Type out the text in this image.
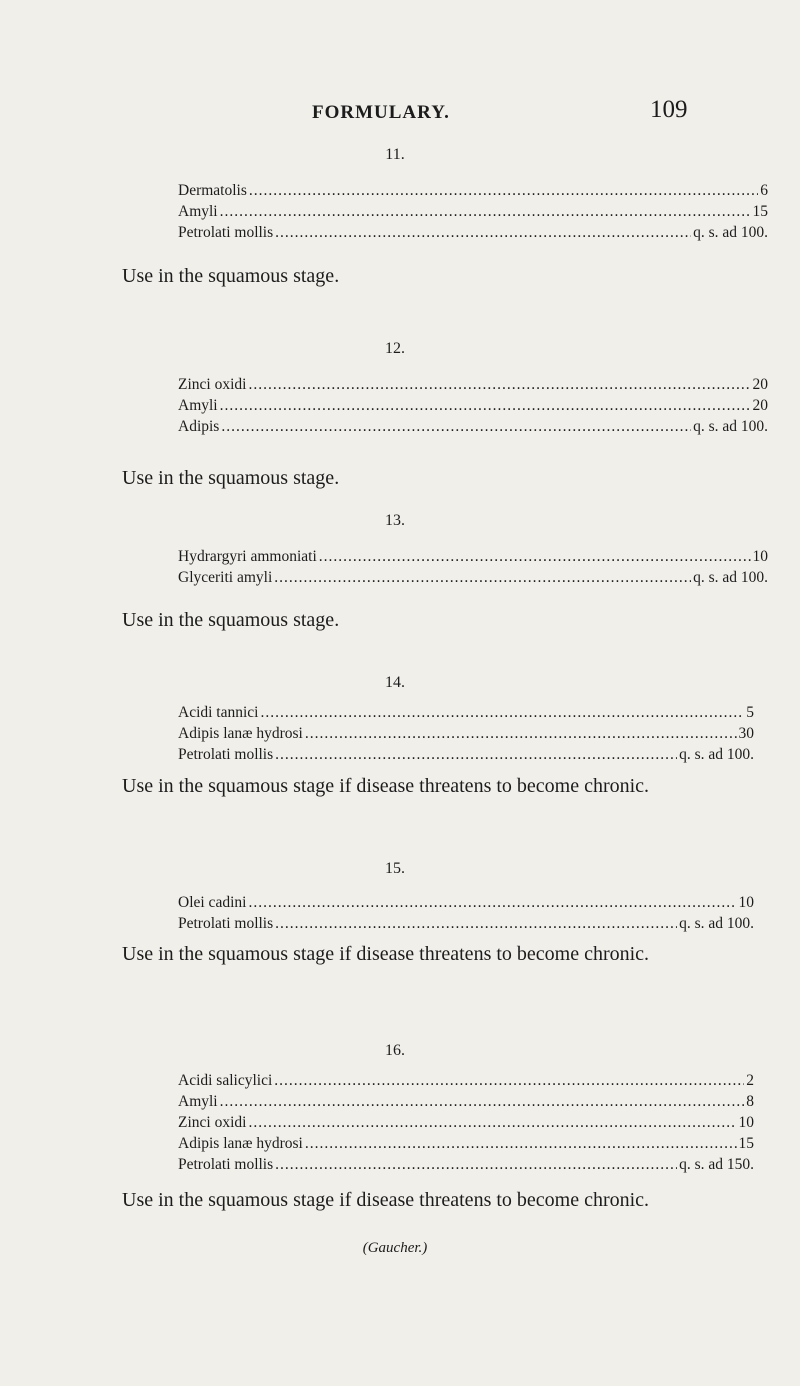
FORMULARY.	109
11.
Dermatolis .....	6
Amyli .....	15
Petrolati mollis .....	q. s. ad 100.
Use in the squamous stage.
12.
Zinci oxidi .....	20
Amyli .....	20
Adipis .....	q. s. ad 100.
Use in the squamous stage.
13.
Hydrargyri ammoniati .....	10
Glyceriti amyli .....	q. s. ad 100.
Use in the squamous stage.
14.
Acidi tannici .....	5
Adipis lanæ hydrosi .....	30
Petrolati mollis .....	q. s. ad 100.
Use in the squamous stage if disease threatens to become chronic.
15.
Olei cadini .....	10
Petrolati mollis .....	q. s. ad 100.
Use in the squamous stage if disease threatens to become chronic.
16.
Acidi salicylici .....	2
Amyli .....	8
Zinci oxidi .....	10
Adipis lanæ hydrosi .....	15
Petrolati mollis .....	q. s. ad 150.
Use in the squamous stage if disease threatens to become chronic.
(Gaucher.)
